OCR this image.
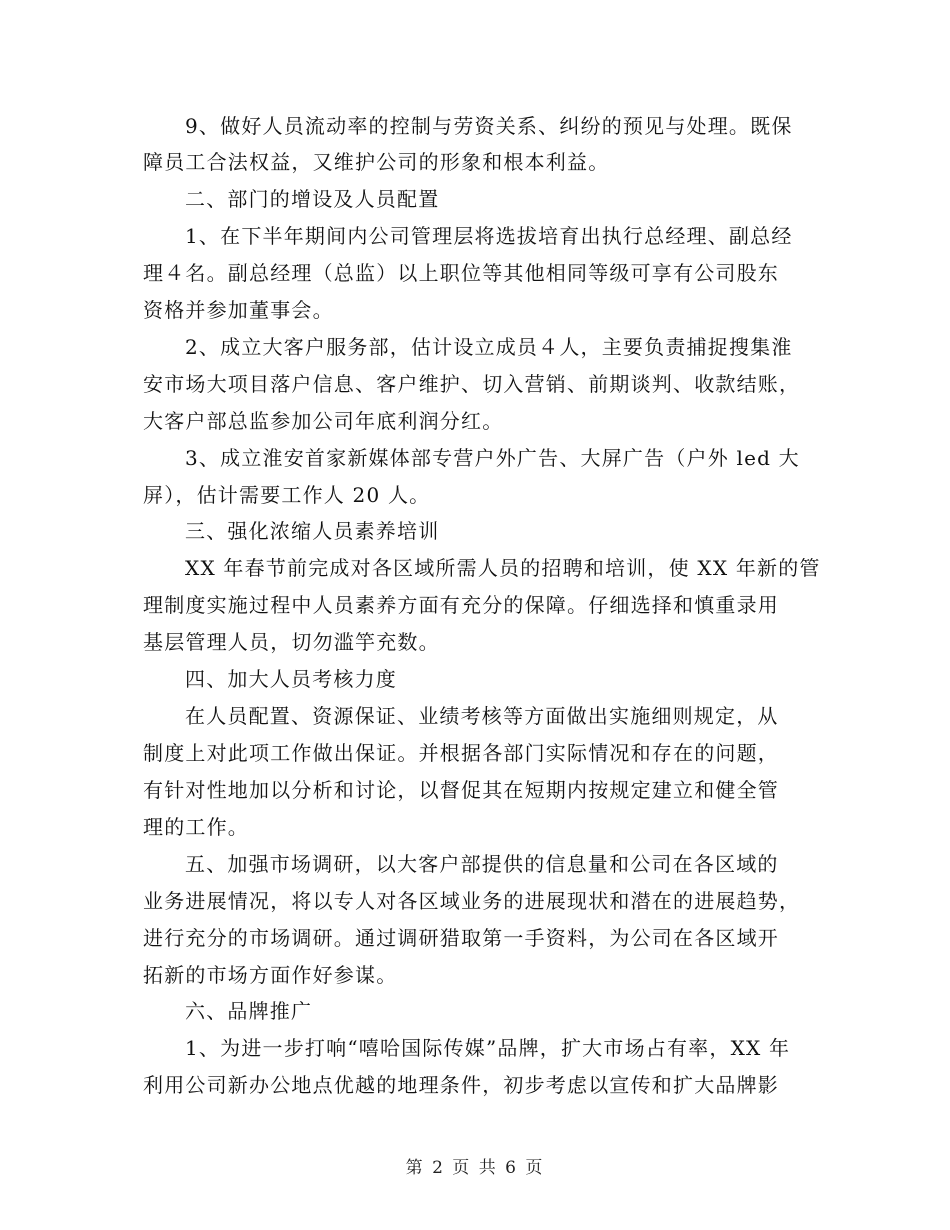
9、做好人员流动率的控制与劳资关系、纠纷的预见与处理。既保
障员工合法权益，又维护公司的形象和根本利益。
二、部门的增设及人员配置
1、在下半年期间内公司管理层将选拔培育出执行总经理、副总经
理４名。副总经理（总监）以上职位等其他相同等级可享有公司股东
资格并参加董事会。
2、成立大客户服务部，估计设立成员４人，主要负责捕捉搜集淮
安市场大项目落户信息、客户维护、切入营销、前期谈判、收款结账，
大客户部总监参加公司年底利润分红。
3、成立淮安首家新媒体部专营户外广告、大屏广告（户外 led 大
屏），估计需要工作人 20 人。
三、强化浓缩人员素养培训
XX 年春节前完成对各区域所需人员的招聘和培训，使 XX 年新的管
理制度实施过程中人员素养方面有充分的保障。仔细选择和慎重录用
基层管理人员，切勿滥竽充数。
四、加大人员考核力度
在人员配置、资源保证、业绩考核等方面做出实施细则规定，从
制度上对此项工作做出保证。并根据各部门实际情况和存在的问题，
有针对性地加以分析和讨论，以督促其在短期内按规定建立和健全管
理的工作。
五、加强市场调研，以大客户部提供的信息量和公司在各区域的
业务进展情况，将以专人对各区域业务的进展现状和潜在的进展趋势，
进行充分的市场调研。通过调研猎取第一手资料，为公司在各区域开
拓新的市场方面作好参谋。
六、品牌推广
1、为进一步打响“嘻哈国际传媒”品牌，扩大市场占有率，XX 年
利用公司新办公地点优越的地理条件，初步考虑以宣传和扩大品牌影
第 2 页 共 6 页
